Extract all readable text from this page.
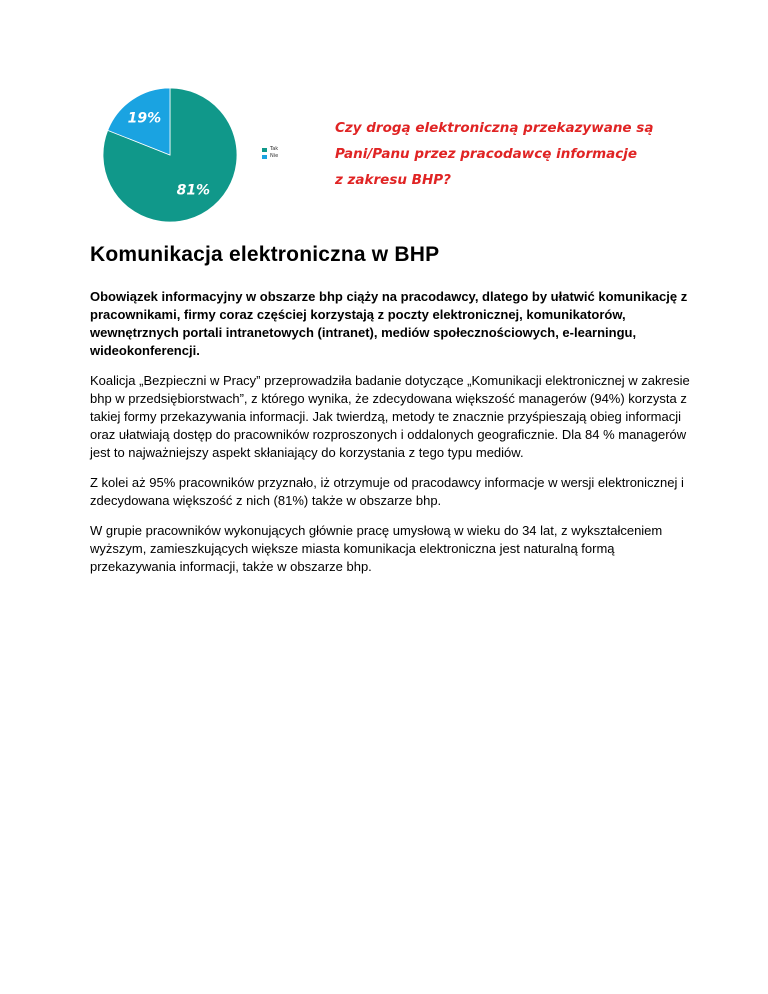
81%
19%
Tak
Nie
Czy drogą elektroniczną przekazywane są
Pani/Panu przez pracodawcę informacje
z zakresu BHP?
Komunikacja elektroniczna w BHP

Obowiązek informacyjny w obszarze bhp ciąży na pracodawcy, dlatego by ułatwić komunikację z pracownikami, firmy coraz częściej korzystają z poczty elektronicznej, komunikatorów, wewnętrznych portali intranetowych (intranet), mediów społecznościowych, e-learningu, wideokonferencji.

Koalicja „Bezpieczni w Pracy” przeprowadziła badanie dotyczące „Komunikacji elektronicznej w zakresie bhp w przedsiębiorstwach”, z którego wynika, że zdecydowana większość managerów (94%) korzysta z takiej formy przekazywania informacji. Jak twierdzą, metody te znacznie przyśpieszają obieg informacji oraz ułatwiają dostęp do pracowników rozproszonych i oddalonych geograficznie. Dla 84 % managerów jest to najważniejszy aspekt skłaniający do korzystania z tego typu mediów.

Z kolei aż 95% pracowników przyznało, iż otrzymuje od pracodawcy informacje w wersji elektronicznej i zdecydowana większość z nich (81%) także w obszarze bhp.

W grupie pracowników wykonujących głównie pracę umysłową w wieku do 34 lat, z wykształceniem wyższym, zamieszkujących większe miasta komunikacja elektroniczna jest naturalną formą przekazywania informacji, także w obszarze bhp.
